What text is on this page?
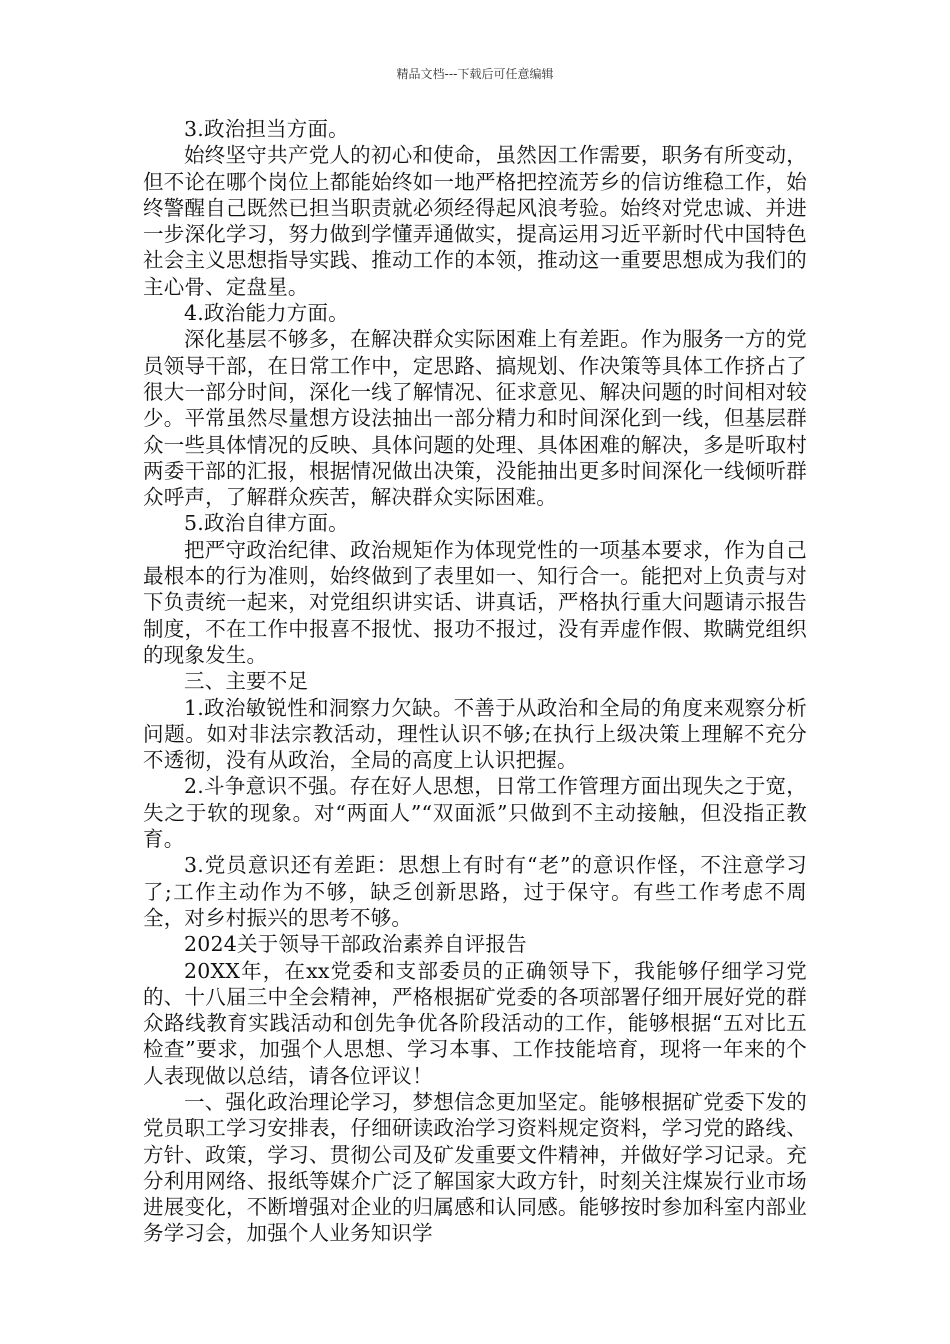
精品文档---下载后可任意编辑

3.政治担当方面。

始终坚守共产党人的初心和使命，虽然因工作需要，职务有所变动，但不论在哪个岗位上都能始终如一地严格把控流芳乡的信访维稳工作，始终警醒自己既然已担当职责就必须经得起风浪考验。始终对党忠诚、并进一步深化学习，努力做到学懂弄通做实，提高运用习近平新时代中国特色社会主义思想指导实践、推动工作的本领，推动这一重要思想成为我们的主心骨、定盘星。

4.政治能力方面。

深化基层不够多，在解决群众实际困难上有差距。作为服务一方的党员领导干部，在日常工作中，定思路、搞规划、作决策等具体工作挤占了很大一部分时间，深化一线了解情况、征求意见、解决问题的时间相对较少。平常虽然尽量想方设法抽出一部分精力和时间深化到一线，但基层群众一些具体情况的反映、具体问题的处理、具体困难的解决，多是听取村两委干部的汇报，根据情况做出决策，没能抽出更多时间深化一线倾听群众呼声，了解群众疾苦，解决群众实际困难。

5.政治自律方面。

把严守政治纪律、政治规矩作为体现党性的一项基本要求，作为自己最根本的行为准则，始终做到了表里如一、知行合一。能把对上负责与对下负责统一起来，对党组织讲实话、讲真话，严格执行重大问题请示报告制度，不在工作中报喜不报忧、报功不报过，没有弄虚作假、欺瞒党组织的现象发生。

三、主要不足

1.政治敏锐性和洞察力欠缺。不善于从政治和全局的角度来观察分析问题。如对非法宗教活动，理性认识不够;在执行上级决策上理解不充分不透彻，没有从政治，全局的高度上认识把握。

2.斗争意识不强。存在好人思想，日常工作管理方面出现失之于宽，失之于软的现象。对“两面人”“双面派”只做到不主动接触，但没指正教育。

3.党员意识还有差距：思想上有时有“老”的意识作怪，不注意学习了;工作主动作为不够，缺乏创新思路，过于保守。有些工作考虑不周全，对乡村振兴的思考不够。

2024关于领导干部政治素养自评报告

20XX年，在xx党委和支部委员的正确领导下，我能够仔细学习党的、十八届三中全会精神，严格根据矿党委的各项部署仔细开展好党的群众路线教育实践活动和创先争优各阶段活动的工作，能够根据“五对比五检查”要求，加强个人思想、学习本事、工作技能培育，现将一年来的个人表现做以总结，请各位评议！

一、强化政治理论学习，梦想信念更加坚定。能够根据矿党委下发的党员职工学习安排表，仔细研读政治学习资料规定资料，学习党的路线、方针、政策，学习、贯彻公司及矿发重要文件精神，并做好学习记录。充分利用网络、报纸等媒介广泛了解国家大政方针，时刻关注煤炭行业市场进展变化，不断增强对企业的归属感和认同感。能够按时参加科室内部业务学习会，加强个人业务知识学
